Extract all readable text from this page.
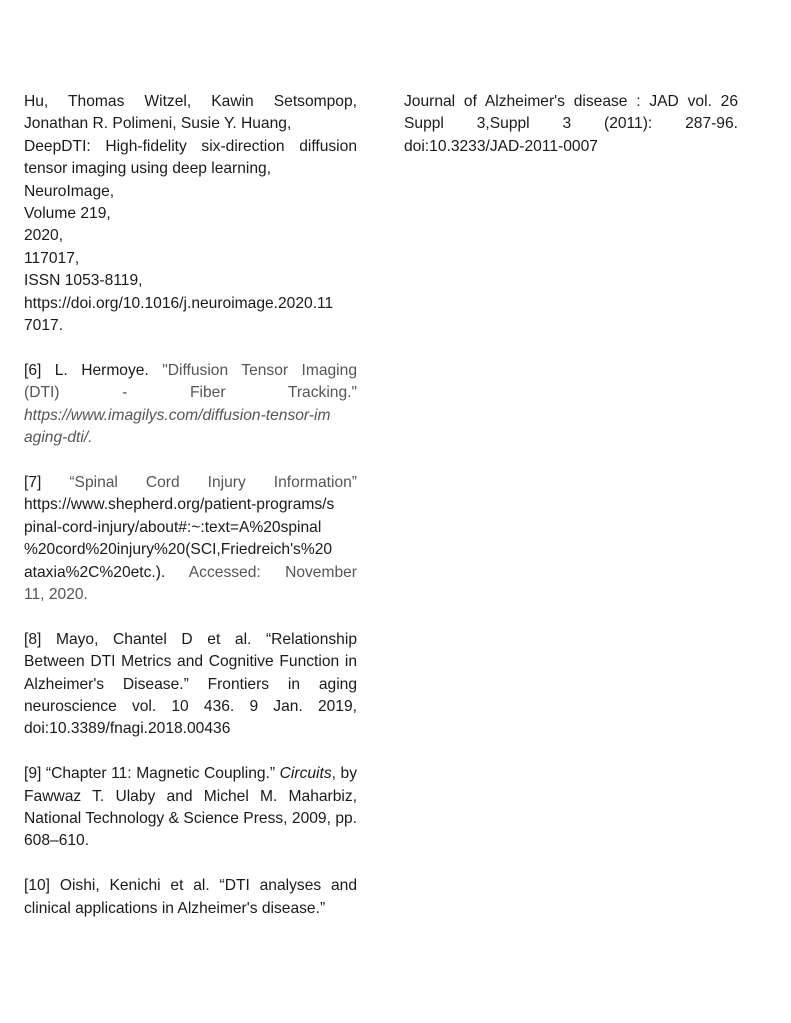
Hu, Thomas Witzel, Kawin Setsompop,
Jonathan R. Polimeni, Susie Y. Huang,
DeepDTI: High-fidelity six-direction diffusion tensor imaging using deep learning,
NeuroImage,
Volume 219,
2020,
117017,
ISSN 1053-8119,
https://doi.org/10.1016/j.neuroimage.2020.11
7017.

[6] L. Hermoye. "Diffusion Tensor Imaging
(DTI) - Fiber Tracking."
https://www.imagilys.com/diffusion-tensor-im
aging-dti/.

[7] “Spinal Cord Injury Information”
https://www.shepherd.org/patient-programs/s
pinal-cord-injury/about#:~:text=A%20spinal
%20cord%20injury%20(SCI,Friedreich's%20
ataxia%2C%20etc.). Accessed: November
11, 2020.

[8] Mayo, Chantel D et al. “Relationship Between DTI Metrics and Cognitive Function in Alzheimer's Disease.” Frontiers in aging neuroscience vol. 10 436. 9 Jan. 2019, doi:10.3389/fnagi.2018.00436

[9] “Chapter 11: Magnetic Coupling.” Circuits, by Fawwaz T. Ulaby and Michel M. Maharbiz, National Technology & Science Press, 2009, pp. 608–610.

[10] Oishi, Kenichi et al. “DTI analyses and clinical applications in Alzheimer's disease.”

Journal of Alzheimer's disease : JAD vol. 26 Suppl 3,Suppl 3 (2011): 287-96. doi:10.3233/JAD-2011-0007
